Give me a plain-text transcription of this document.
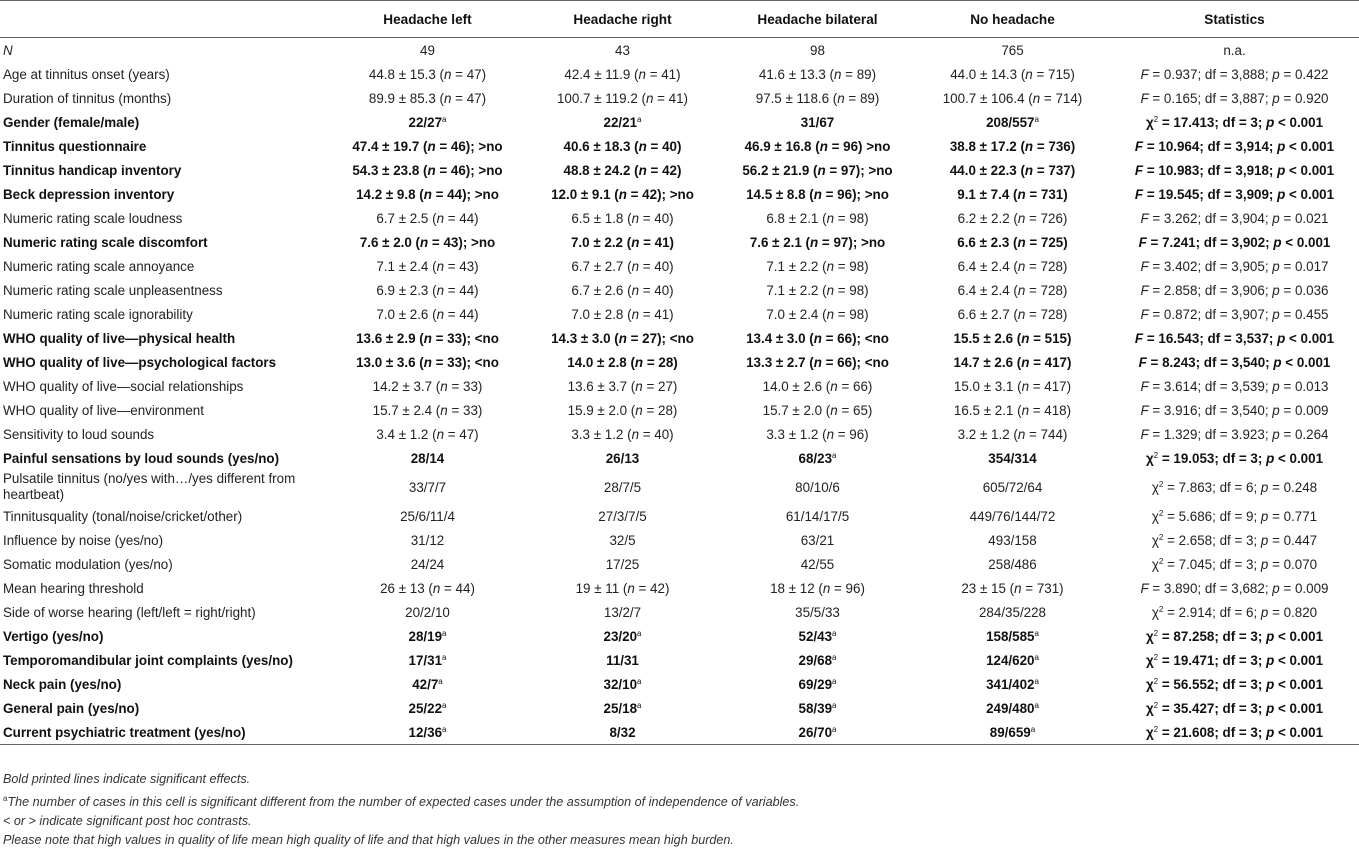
	Headache left	Headache right	Headache bilateral	No headache	Statistics
N	49	43	98	765	n.a.
Age at tinnitus onset (years)	44.8 ± 15.3 (n = 47)	42.4 ± 11.9 (n = 41)	41.6 ± 13.3 (n = 89)	44.0 ± 14.3 (n = 715)	F = 0.937; df = 3,888; p = 0.422
Duration of tinnitus (months)	89.9 ± 85.3 (n = 47)	100.7 ± 119.2 (n = 41)	97.5 ± 118.6 (n = 89)	100.7 ± 106.4 (n = 714)	F = 0.165; df = 3,887; p = 0.920
Gender (female/male)	22/27$^a$	22/21$^a$	31/67	208/557$^a$	$\chi^2 = 17.413$; df = 3; p < 0.001
Tinnitus questionnaire	47.4 ± 19.7 (n = 46); >no	40.6 ± 18.3 (n = 40)	46.9 ± 16.8 (n = 96) >no	38.8 ± 17.2 (n = 736)	F = 10.964; df = 3,914; p < 0.001
Tinnitus handicap inventory	54.3 ± 23.8 (n = 46); >no	48.8 ± 24.2 (n = 42)	56.2 ± 21.9 (n = 97); >no	44.0 ± 22.3 (n = 737)	F = 10.983; df = 3,918; p < 0.001
Beck depression inventory	14.2 ± 9.8 (n = 44); >no	12.0 ± 9.1 (n = 42); >no	14.5 ± 8.8 (n = 96); >no	9.1 ± 7.4 (n = 731)	F = 19.545; df = 3,909; p < 0.001
Numeric rating scale loudness	6.7 ± 2.5 (n = 44)	6.5 ± 1.8 (n = 40)	6.8 ± 2.1 (n = 98)	6.2 ± 2.2 (n = 726)	F = 3.262; df = 3,904; p = 0.021
Numeric rating scale discomfort	7.6 ± 2.0 (n = 43); >no	7.0 ± 2.2 (n = 41)	7.6 ± 2.1 (n = 97); >no	6.6 ± 2.3 (n = 725)	F = 7.241; df = 3,902; p < 0.001
Numeric rating scale annoyance	7.1 ± 2.4 (n = 43)	6.7 ± 2.7 (n = 40)	7.1 ± 2.2 (n = 98)	6.4 ± 2.4 (n = 728)	F = 3.402; df = 3,905; p = 0.017
Numeric rating scale unpleasentness	6.9 ± 2.3 (n = 44)	6.7 ± 2.6 (n = 40)	7.1 ± 2.2 (n = 98)	6.4 ± 2.4 (n = 728)	F = 2.858; df = 3,906; p = 0.036
Numeric rating scale ignorability	7.0 ± 2.6 (n = 44)	7.0 ± 2.8 (n = 41)	7.0 ± 2.4 (n = 98)	6.6 ± 2.7 (n = 728)	F = 0.872; df = 3,907; p = 0.455
WHO quality of live—physical health	13.6 ± 2.9 (n = 33); <no	14.3 ± 3.0 (n = 27); <no	13.4 ± 3.0 (n = 66); <no	15.5 ± 2.6 (n = 515)	F = 16.543; df = 3,537; p < 0.001
WHO quality of live—psychological factors	13.0 ± 3.6 (n = 33); <no	14.0 ± 2.8 (n = 28)	13.3 ± 2.7 (n = 66); <no	14.7 ± 2.6 (n = 417)	F = 8.243; df = 3,540; p < 0.001
WHO quality of live—social relationships	14.2 ± 3.7 (n = 33)	13.6 ± 3.7 (n = 27)	14.0 ± 2.6 (n = 66)	15.0 ± 3.1 (n = 417)	F = 3.614; df = 3,539; p = 0.013
WHO quality of live—environment	15.7 ± 2.4 (n = 33)	15.9 ± 2.0 (n = 28)	15.7 ± 2.0 (n = 65)	16.5 ± 2.1 (n = 418)	F = 3.916; df = 3,540; p = 0.009
Sensitivity to loud sounds	3.4 ± 1.2 (n = 47)	3.3 ± 1.2 (n = 40)	3.3 ± 1.2 (n = 96)	3.2 ± 1.2 (n = 744)	F = 1.329; df = 3.923; p = 0.264
Painful sensations by loud sounds (yes/no)	28/14	26/13	68/23$^a$	354/314	$\chi^2 = 19.053$; df = 3; p < 0.001
Pulsatile tinnitus (no/yes with…/yes different from heartbeat)	33/7/7	28/7/5	80/10/6	605/72/64	$\chi^2 = 7.863$; df = 6; p = 0.248
Tinnitusquality (tonal/noise/cricket/other)	25/6/11/4	27/3/7/5	61/14/17/5	449/76/144/72	$\chi^2 = 5.686$; df = 9; p = 0.771
Influence by noise (yes/no)	31/12	32/5	63/21	493/158	$\chi^2 = 2.658$; df = 3; p = 0.447
Somatic modulation (yes/no)	24/24	17/25	42/55	258/486	$\chi^2 = 7.045$; df = 3; p = 0.070
Mean hearing threshold	26 ± 13 (n = 44)	19 ± 11 (n = 42)	18 ± 12 (n = 96)	23 ± 15 (n = 731)	F = 3.890; df = 3,682; p = 0.009
Side of worse hearing (left/left = right/right)	20/2/10	13/2/7	35/5/33	284/35/228	$\chi^2 = 2.914$; df = 6; p = 0.820
Vertigo (yes/no)	28/19$^a$	23/20$^a$	52/43$^a$	158/585$^a$	$\chi^2 = 87.258$; df = 3; p < 0.001
Temporomandibular joint complaints (yes/no)	17/31$^a$	11/31	29/68$^a$	124/620$^a$	$\chi^2 = 19.471$; df = 3; p < 0.001
Neck pain (yes/no)	42/7$^a$	32/10$^a$	69/29$^a$	341/402$^a$	$\chi^2 = 56.552$; df = 3; p < 0.001
General pain (yes/no)	25/22$^a$	25/18$^a$	58/39$^a$	249/480$^a$	$\chi^2 = 35.427$; df = 3; p < 0.001
Current psychiatric treatment (yes/no)	12/36$^a$	8/32	26/70$^a$	89/659$^a$	$\chi^2 = 21.608$; df = 3; p < 0.001
Bold printed lines indicate significant effects.
$^a$The number of cases in this cell is significant different from the number of expected cases under the assumption of independence of variables.
< or > indicate significant post hoc contrasts.
Please note that high values in quality of life mean high quality of life and that high values in the other measures mean high burden.
